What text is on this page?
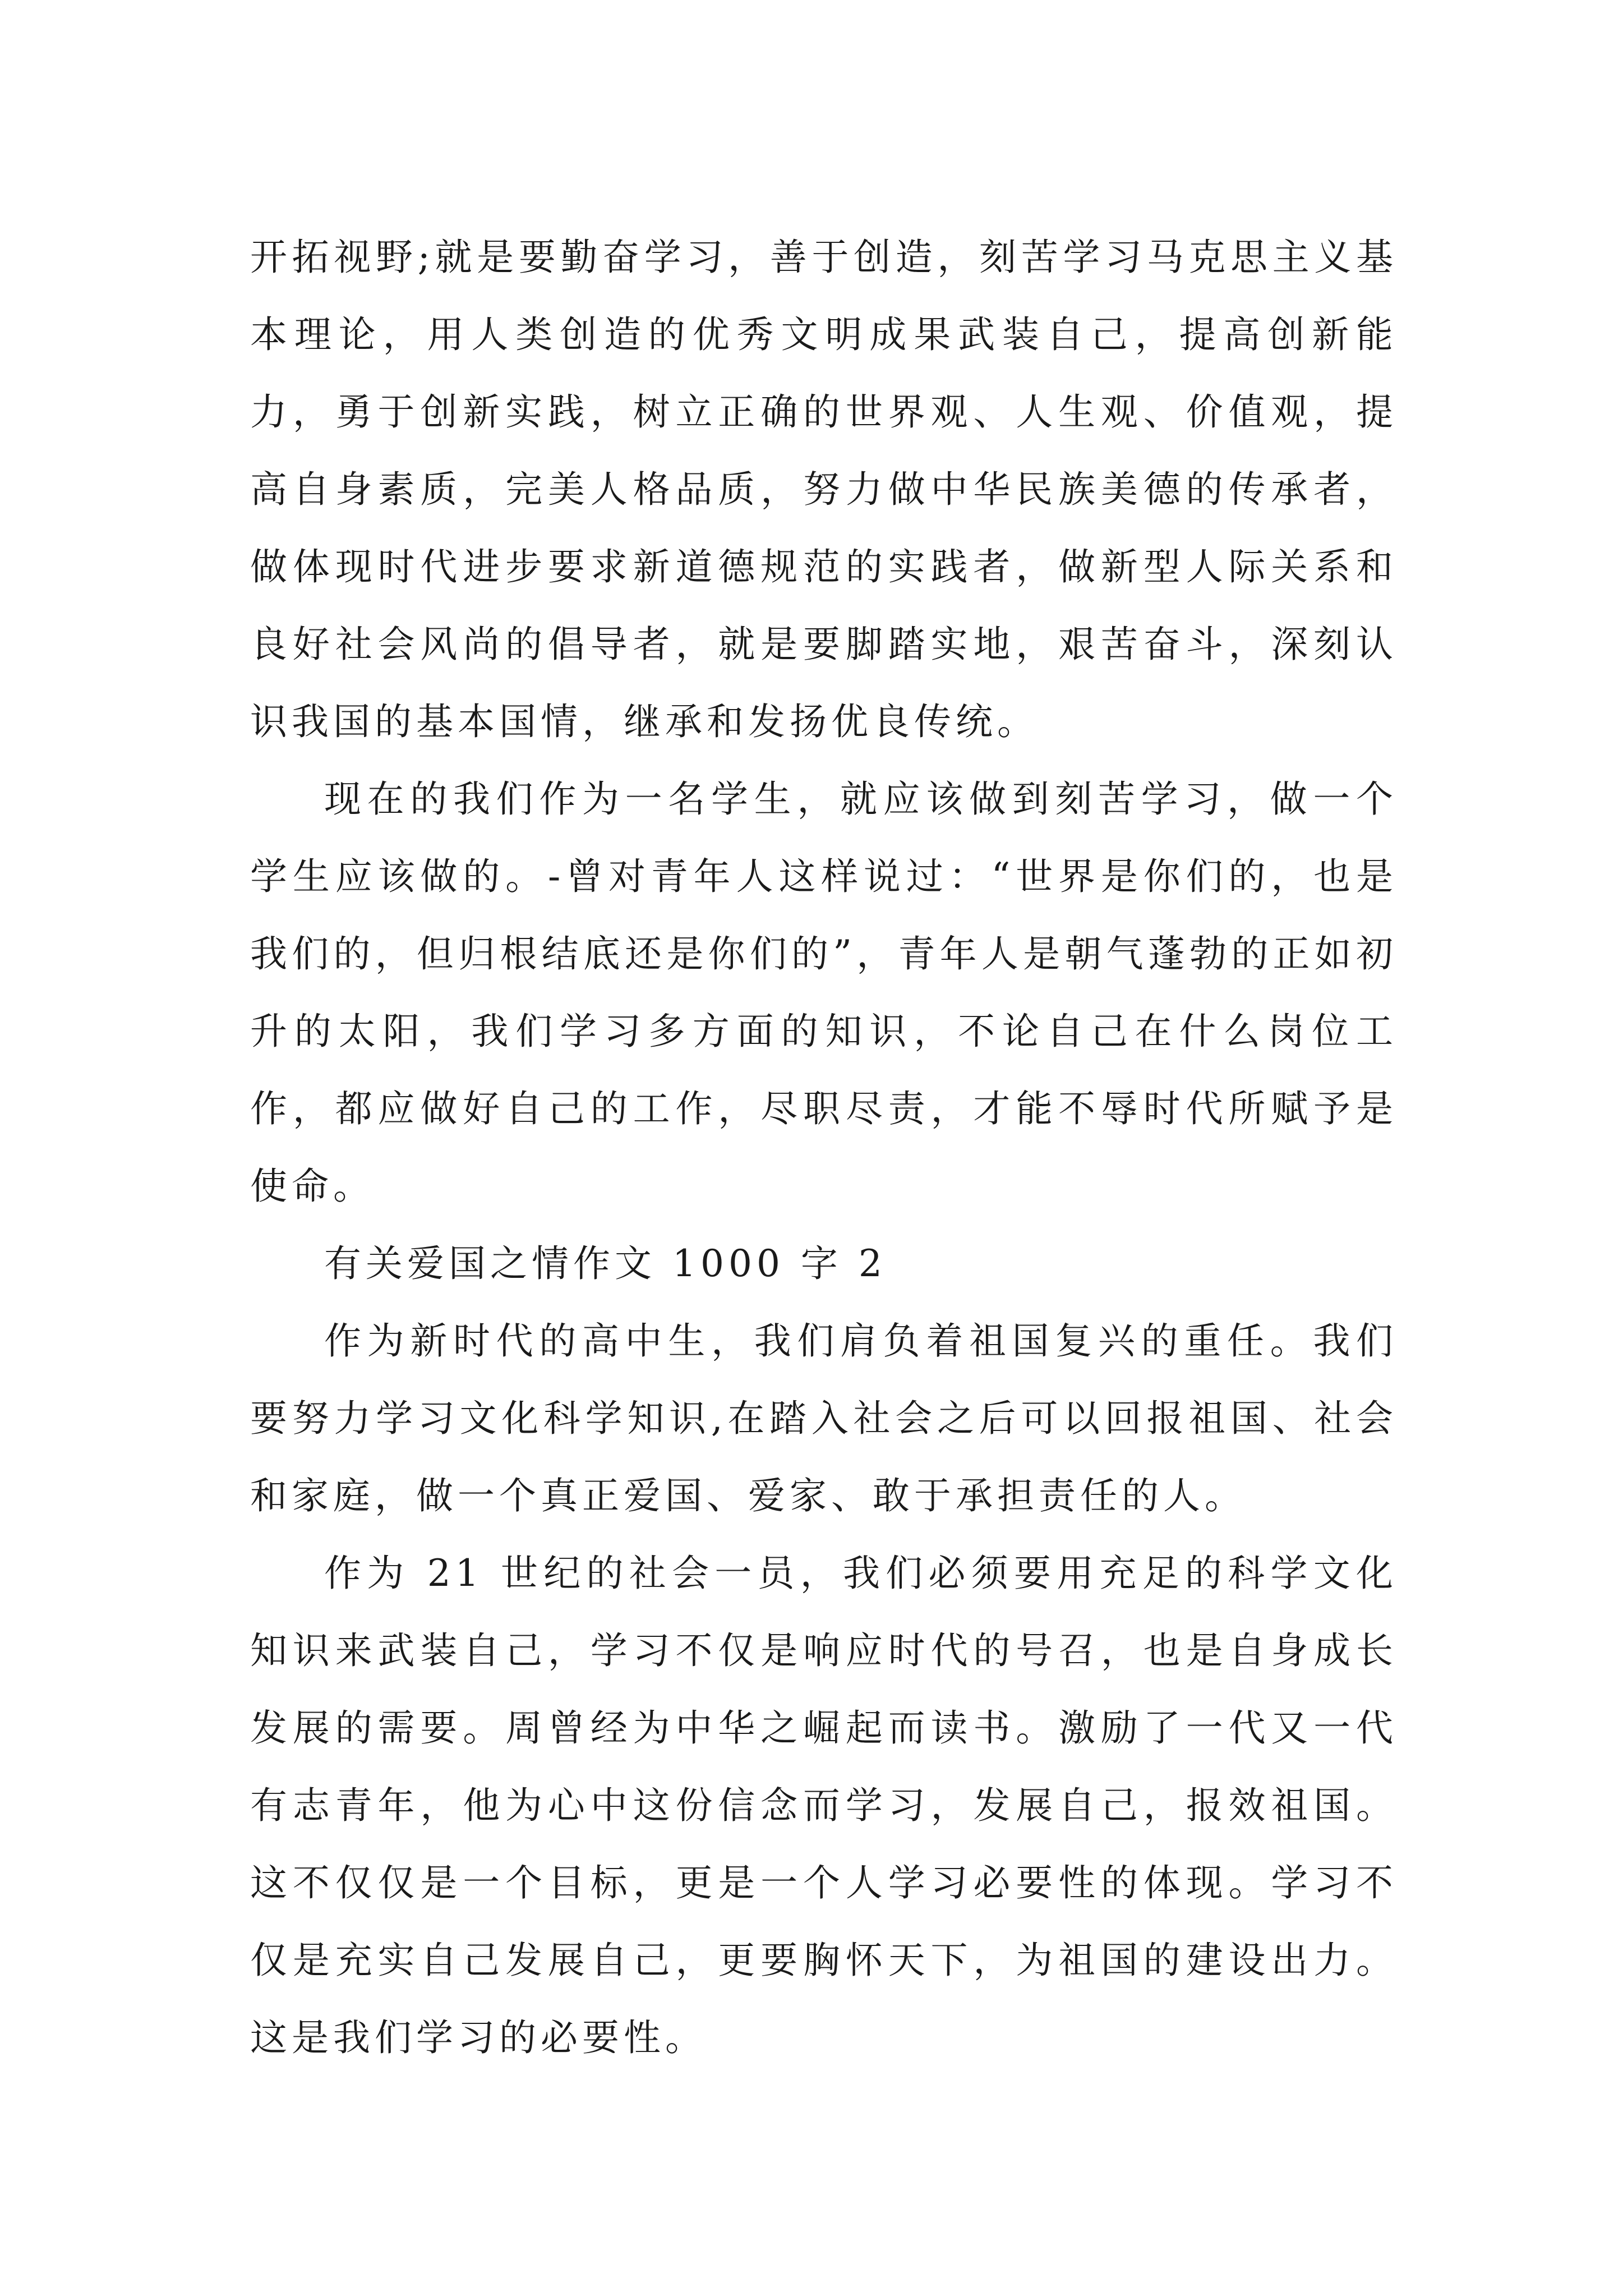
开拓视野;就是要勤奋学习，善于创造，刻苦学习马克思主义基本理论，用人类创造的优秀文明成果武装自己，提高创新能力，勇于创新实践，树立正确的世界观、人生观、价值观，提高自身素质，完美人格品质，努力做中华民族美德的传承者，做体现时代进步要求新道德规范的实践者，做新型人际关系和良好社会风尚的倡导者，就是要脚踏实地，艰苦奋斗，深刻认识我国的基本国情，继承和发扬优良传统。

现在的我们作为一名学生，就应该做到刻苦学习，做一个学生应该做的。-曾对青年人这样说过：“世界是你们的，也是我们的，但归根结底还是你们的”，青年人是朝气蓬勃的正如初升的太阳，我们学习多方面的知识，不论自己在什么岗位工作，都应做好自己的工作，尽职尽责，才能不辱时代所赋予是使命。

有关爱国之情作文 1000 字 2

作为新时代的高中生，我们肩负着祖国复兴的重任。我们要努力学习文化科学知识,在踏入社会之后可以回报祖国、社会和家庭，做一个真正爱国、爱家、敢于承担责任的人。

作为 21 世纪的社会一员，我们必须要用充足的科学文化知识来武装自己，学习不仅是响应时代的号召，也是自身成长发展的需要。周曾经为中华之崛起而读书。激励了一代又一代有志青年，他为心中这份信念而学习，发展自己，报效祖国。这不仅仅是一个目标，更是一个人学习必要性的体现。学习不仅是充实自己发展自己，更要胸怀天下，为祖国的建设出力。这是我们学习的必要性。
